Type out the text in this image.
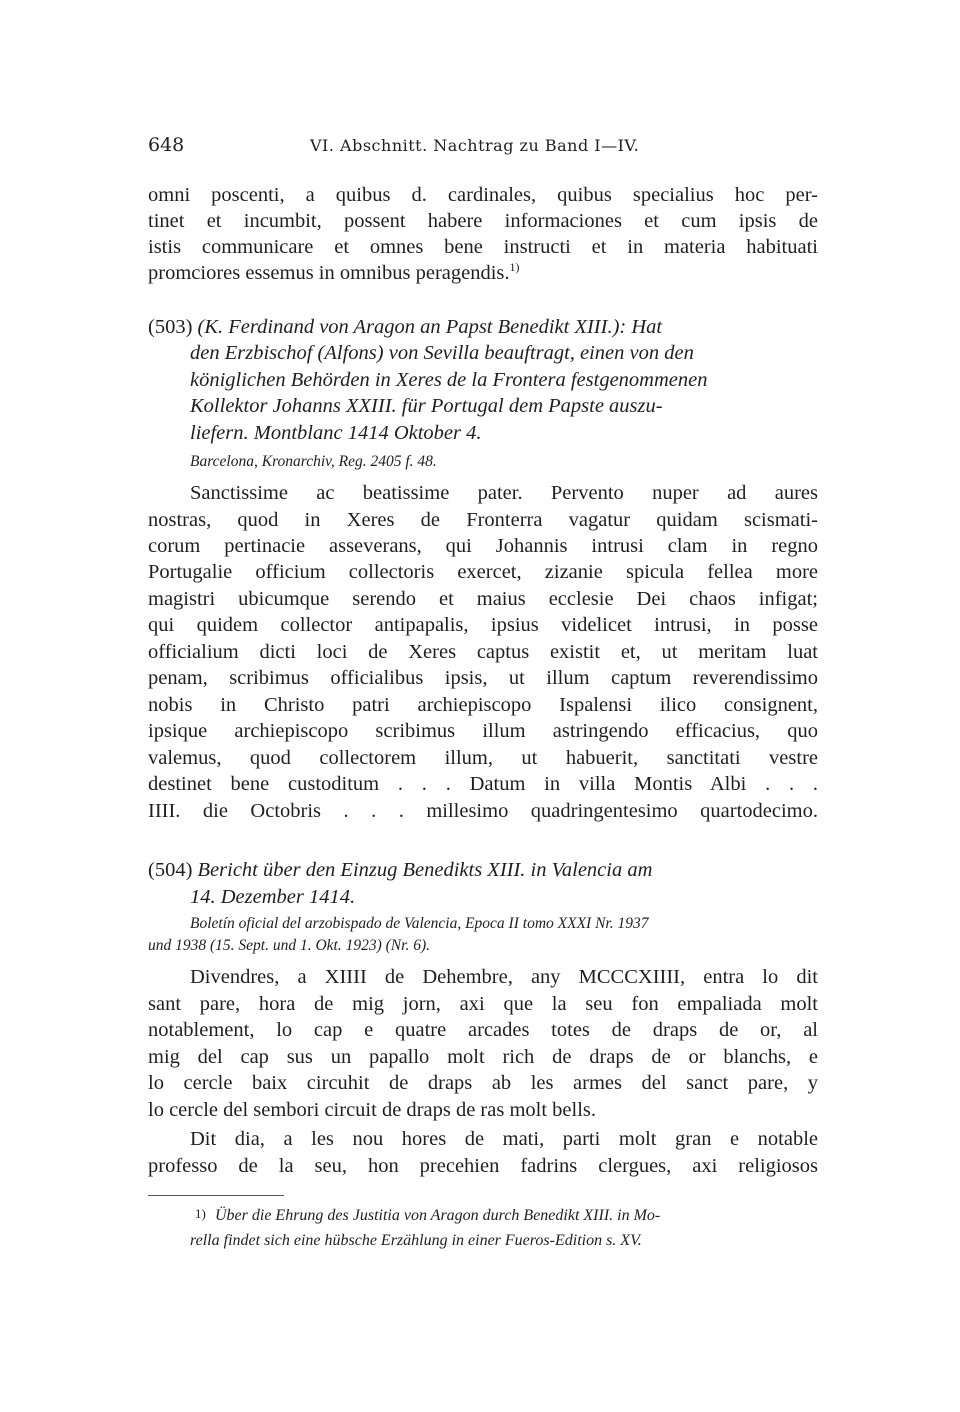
648	VI. Abschnitt. Nachtrag zu Band I—IV.
omni poscenti, a quibus d. cardinales, quibus specialius hoc per-
tinet et incumbit, possent habere informaciones et cum ipsis de
istis communicare et omnes bene instructi et in materia habituati
promciores essemus in omnibus peragendis.$^{1)}$
(503) (K. Ferdinand von Aragon an Papst Benedikt XIII.): Hat
den Erzbischof (Alfons) von Sevilla beauftragt, einen von den
königlichen Behörden in Xeres de la Frontera festgenommenen
Kollektor Johanns XXIII. für Portugal dem Papste auszu-
liefern. Montblanc 1414 Oktober 4.
Barcelona, Kronarchiv, Reg. 2405 f. 48.
Sanctissime ac beatissime pater. Pervento nuper ad aures
nostras, quod in Xeres de Fronterra vagatur quidam scismati-
corum pertinacie asseverans, qui Johannis intrusi clam in regno
Portugalie officium collectoris exercet, zizanie spicula fellea more
magistri ubicumque serendo et maius ecclesie Dei chaos infigat;
qui quidem collector antipapalis, ipsius videlicet intrusi, in posse
officialium dicti loci de Xeres captus existit et, ut meritam luat
penam, scribimus officialibus ipsis, ut illum captum reverendissimo
nobis in Christo patri archiepiscopo Ispalensi ilico consignent,
ipsique archiepiscopo scribimus illum astringendo efficacius, quo
valemus, quod collectorem illum, ut habuerit, sanctitati vestre
destinet bene custoditum . . . Datum in villa Montis Albi . . .
IIII. die Octobris . . . millesimo quadringentesimo quartodecimo.
(504) Bericht über den Einzug Benedikts XIII. in Valencia am
14. Dezember 1414.
Boletín oficial del arzobispado de Valencia, Epoca II tomo XXXI Nr. 1937
und 1938 (15. Sept. und 1. Okt. 1923) (Nr. 6).
Divendres, a XIIII de Dehembre, any MCCCXIIII, entra lo dit
sant pare, hora de mig jorn, axi que la seu fon empaliada molt
notablement, lo cap e quatre arcades totes de draps de or, al
mig del cap sus un papallo molt rich de draps de or blanchs, e
lo cercle baix circuhit de draps ab les armes del sanct pare, y
lo cercle del sembori circuit de draps de ras molt bells.
Dit dia, a les nou hores de mati, parti molt gran e notable
professo de la seu, hon precehien fadrins clergues, axi religiosos
1) Über die Ehrung des Justitia von Aragon durch Benedikt XIII. in Mo-
rella findet sich eine hübsche Erzählung in einer Fueros-Edition s. XV.
